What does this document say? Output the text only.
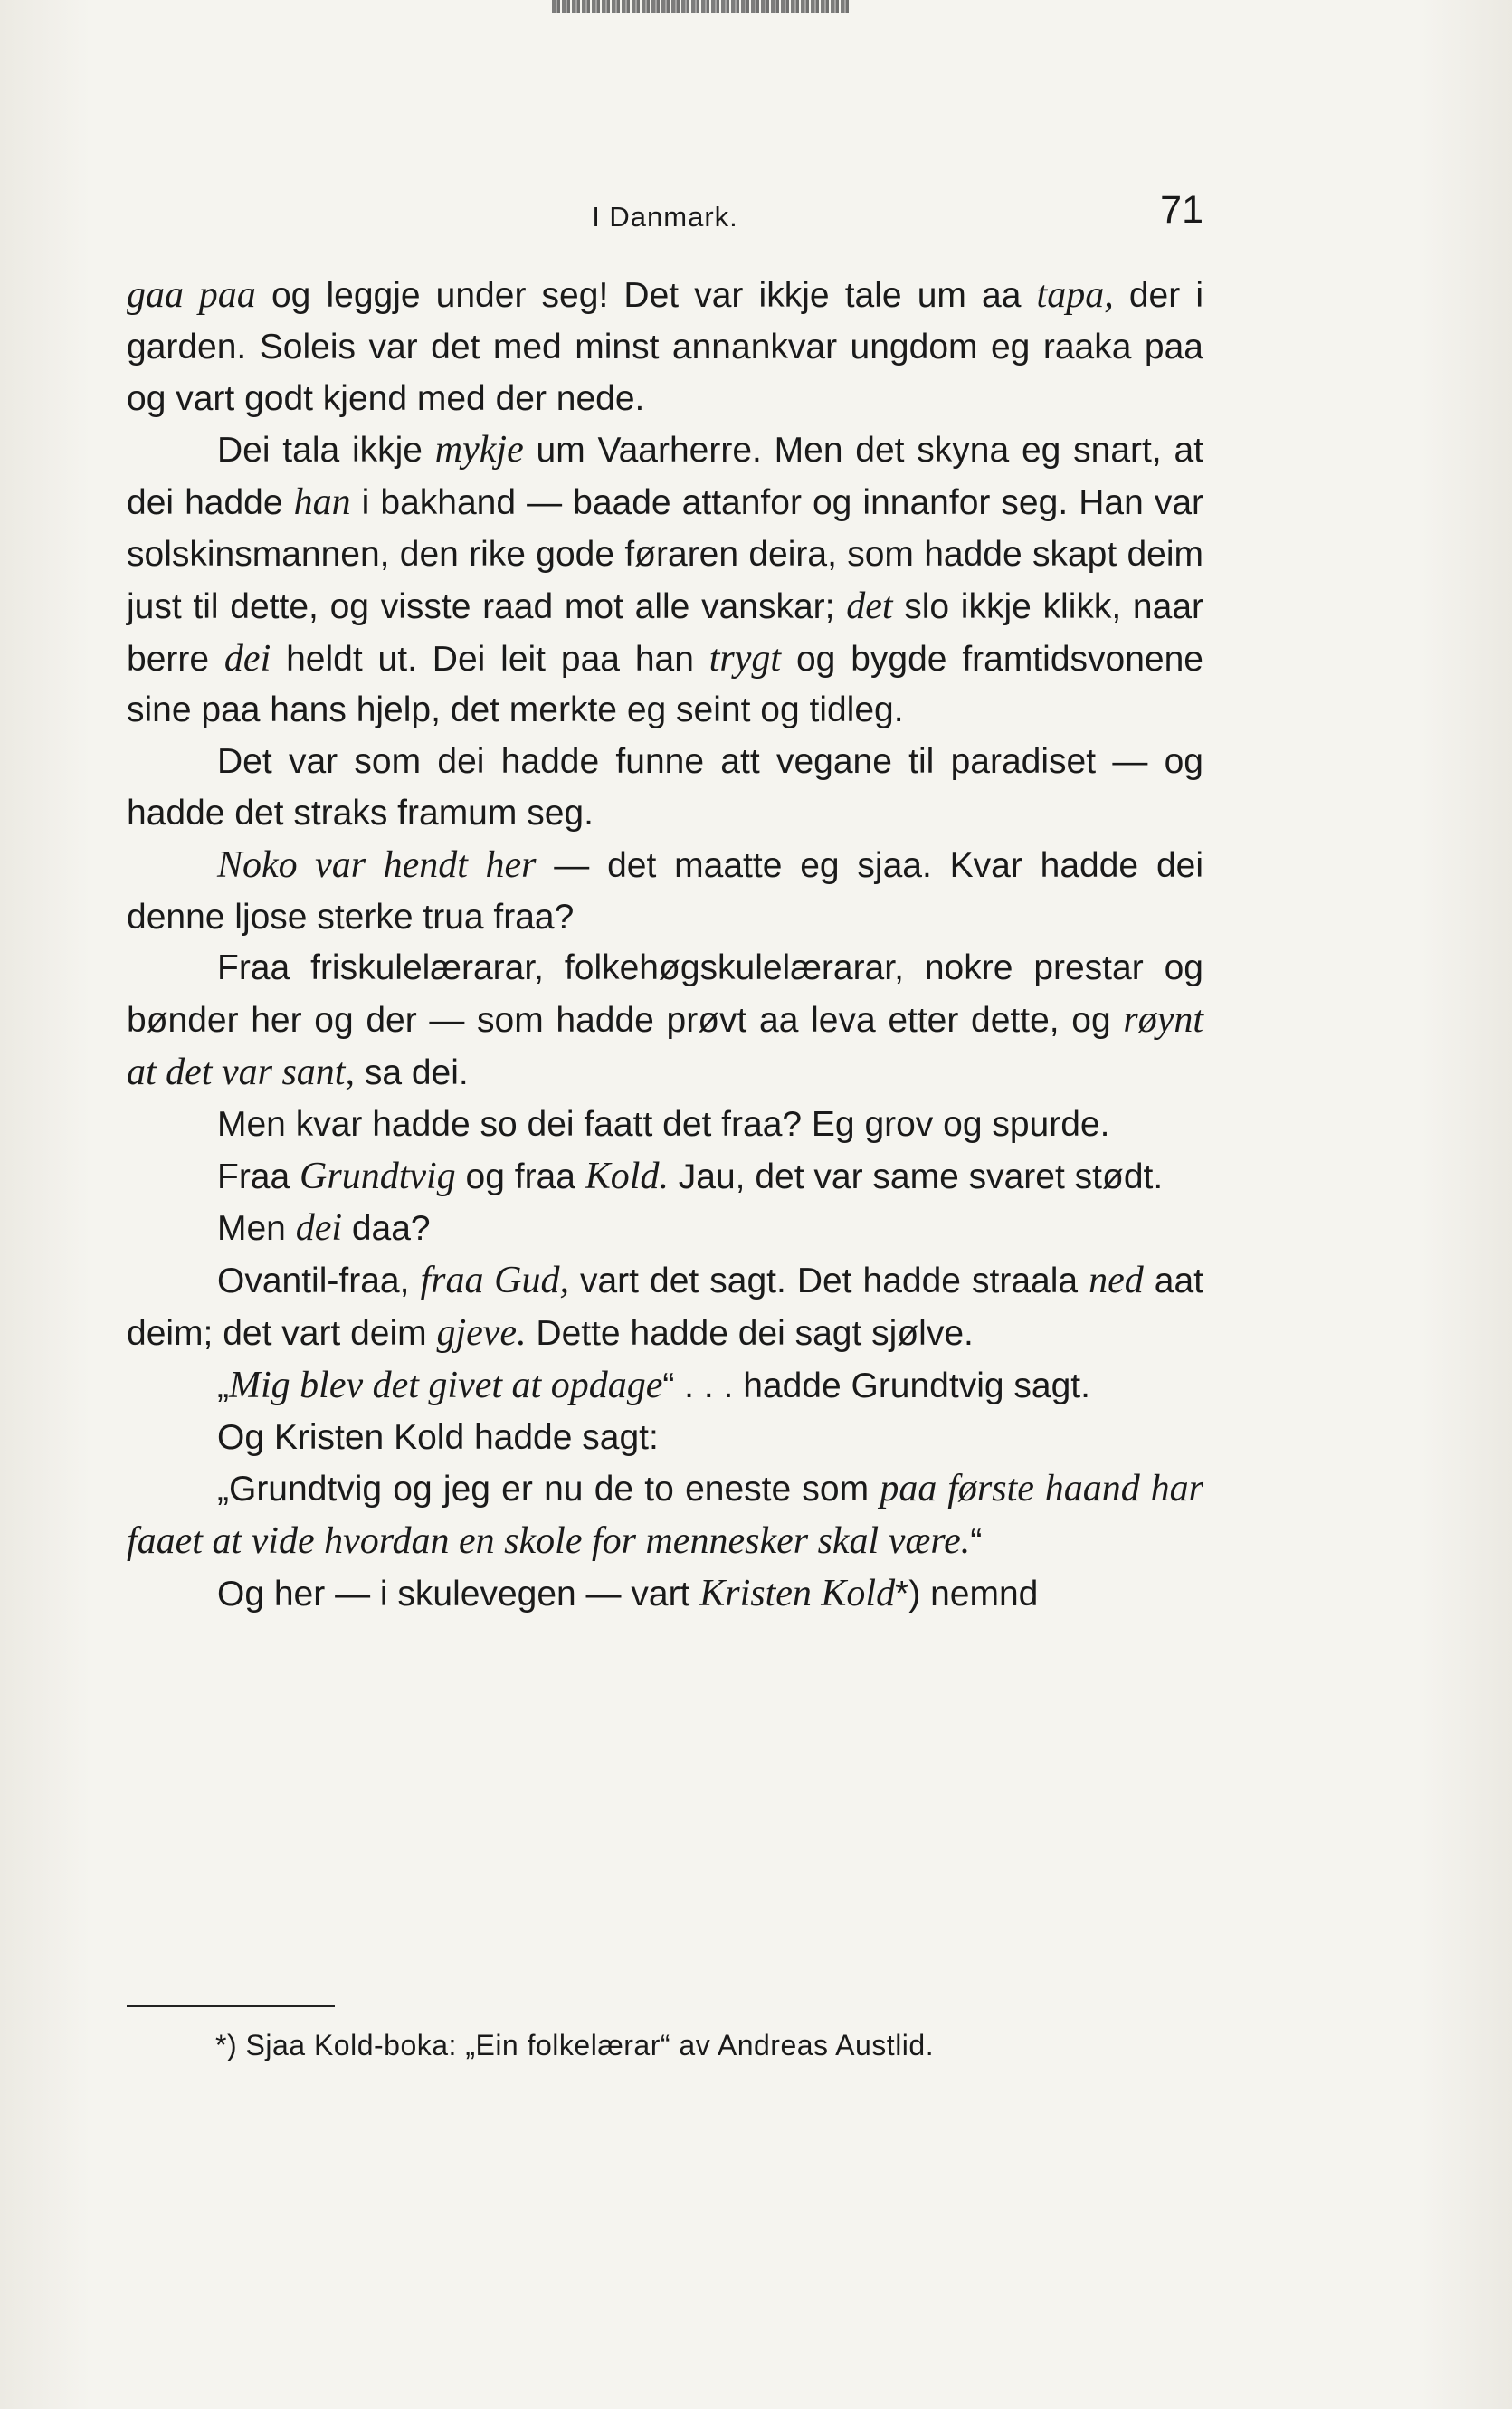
I Danmark.	71

gaa paa og leggje under seg! Det var ikkje tale um aa tapa, der i garden. Soleis var det med minst annankvar ungdom eg raaka paa og vart godt kjend med der nede.

Dei tala ikkje mykje um Vaarherre. Men det skyna eg snart, at dei hadde han i bakhand — baade attanfor og innanfor seg. Han var solskinsmannen, den rike gode føraren deira, som hadde skapt deim just til dette, og visste raad mot alle vanskar; det slo ikkje klikk, naar berre dei heldt ut. Dei leit paa han trygt og bygde framtidsvonene sine paa hans hjelp, det merkte eg seint og tidleg.

Det var som dei hadde funne att vegane til paradiset — og hadde det straks framum seg.

Noko var hendt her — det maatte eg sjaa. Kvar hadde dei denne ljose sterke trua fraa?

Fraa friskulelærarar, folkehøgskulelærarar, nokre prestar og bønder her og der — som hadde prøvt aa leva etter dette, og røynt at det var sant, sa dei.

Men kvar hadde so dei faatt det fraa? Eg grov og spurde.

Fraa Grundtvig og fraa Kold. Jau, det var same svaret stødt.

Men dei daa?

Ovantil-fraa, fraa Gud, vart det sagt. Det hadde straala ned aat deim; det vart deim gjeve. Dette hadde dei sagt sjølve.

„Mig blev det givet at opdage“ . . . hadde Grundtvig sagt.

Og Kristen Kold hadde sagt:

„Grundtvig og jeg er nu de to eneste som paa første haand har faaet at vide hvordan en skole for mennesker skal være.“

Og her — i skulevegen — vart Kristen Kold*) nemnd

*) Sjaa Kold-boka: „Ein folkelærar“ av Andreas Austlid.
